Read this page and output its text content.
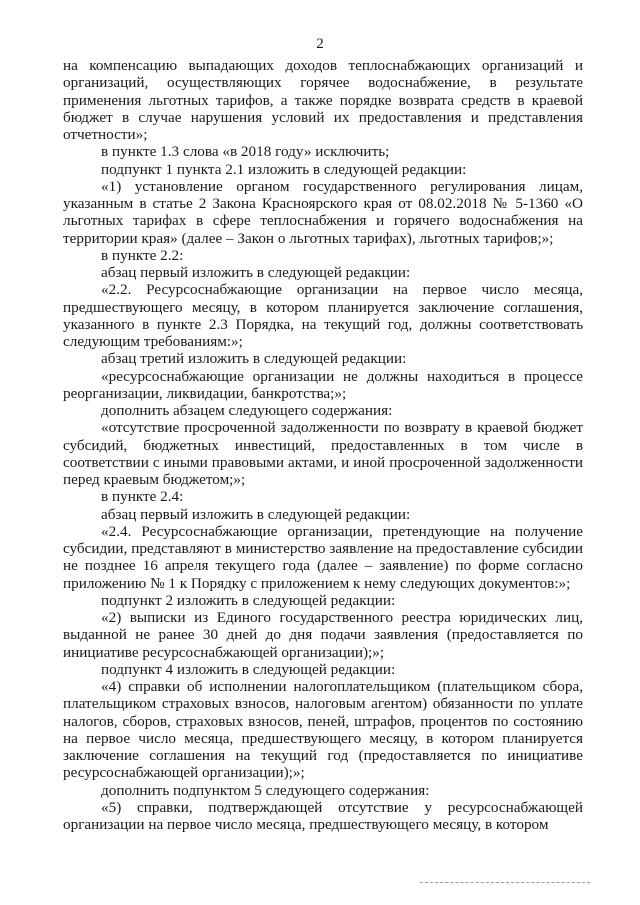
2

на компенсацию выпадающих доходов теплоснабжающих организаций и организаций, осуществляющих горячее водоснабжение, в результате применения льготных тарифов, а также порядке возврата средств в краевой бюджет в случае нарушения условий их предоставления и представления отчетности»;

в пункте 1.3 слова «в 2018 году» исключить;

подпункт 1 пункта 2.1 изложить в следующей редакции:

«1) установление органом государственного регулирования лицам, указанным в статье 2 Закона Красноярского края от 08.02.2018 № 5-1360 «О льготных тарифах в сфере теплоснабжения и горячего водоснабжения на территории края» (далее – Закон о льготных тарифах), льготных тарифов;»;

в пункте 2.2:

абзац первый изложить в следующей редакции:

«2.2. Ресурсоснабжающие организации на первое число месяца, предшествующего месяцу, в котором планируется заключение соглашения, указанного в пункте 2.3 Порядка, на текущий год, должны соответствовать следующим требованиям:»;

абзац третий изложить в следующей редакции:

«ресурсоснабжающие организации не должны находиться в процессе реорганизации, ликвидации, банкротства;»;

дополнить абзацем следующего содержания:

«отсутствие просроченной задолженности по возврату в краевой бюджет субсидий, бюджетных инвестиций, предоставленных в том числе в соответствии с иными правовыми актами, и иной просроченной задолженности перед краевым бюджетом;»;

в пункте 2.4:

абзац первый изложить в следующей редакции:

«2.4. Ресурсоснабжающие организации, претендующие на получение субсидии, представляют в министерство заявление на предоставление субсидии не позднее 16 апреля текущего года (далее – заявление) по форме согласно приложению № 1 к Порядку с приложением к нему следующих документов:»;

подпункт 2 изложить в следующей редакции:

«2) выписки из Единого государственного реестра юридических лиц, выданной не ранее 30 дней до дня подачи заявления (предоставляется по инициативе ресурсоснабжающей организации);»;

подпункт 4 изложить в следующей редакции:

«4) справки об исполнении налогоплательщиком (плательщиком сбора, плательщиком страховых взносов, налоговым агентом) обязанности по уплате налогов, сборов, страховых взносов, пеней, штрафов, процентов по состоянию на первое число месяца, предшествующего месяцу, в котором планируется заключение соглашения на текущий год (предоставляется по инициативе ресурсоснабжающей организации);»;

дополнить подпунктом 5 следующего содержания:

«5) справки, подтверждающей отсутствие у ресурсоснабжающей организации на первое число месяца, предшествующего месяцу, в котором
